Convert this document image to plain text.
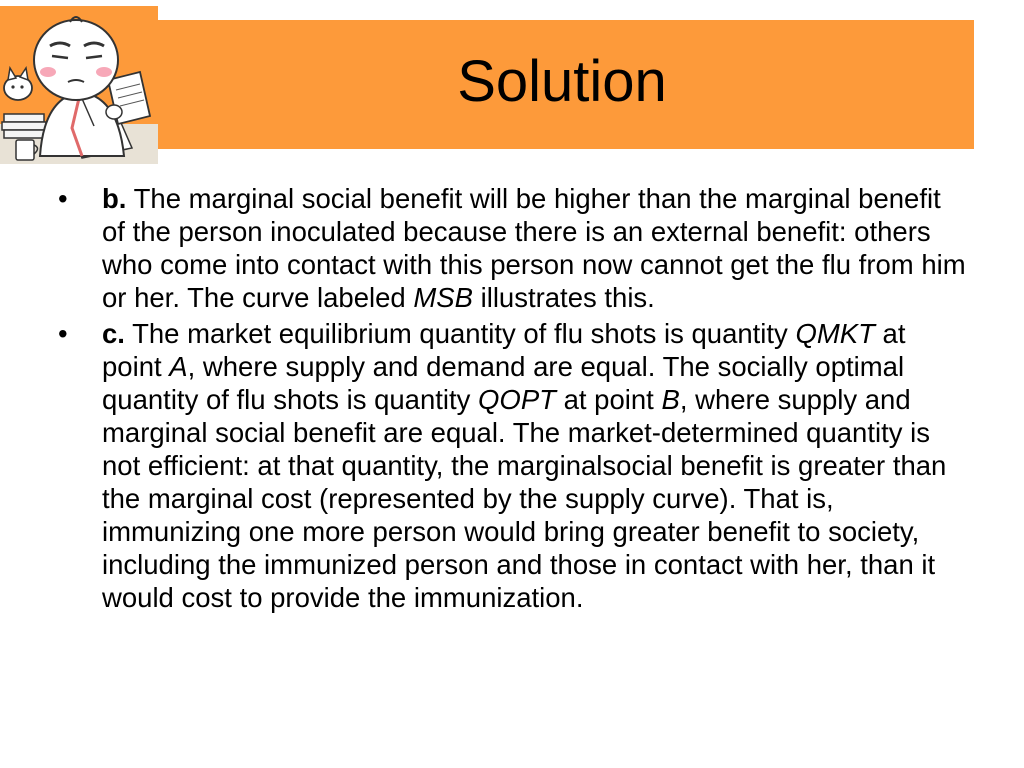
Solution
•	b. The marginal social benefit will be higher than the marginal benefit of the person inoculated because there is an external benefit: others who come into contact with this person now cannot get the flu from him or her. The curve labeled MSB illustrates this.
•	c. The market equilibrium quantity of flu shots is quantity QMKT at point A, where supply and demand are equal. The socially optimal quantity of flu shots is quantity QOPT at point B, where supply and marginal social benefit are equal. The market-determined quantity is not efficient: at that quantity, the marginalsocial benefit is greater than the marginal cost (represented by the supply curve). That is, immunizing one more person would bring greater benefit to society, including the immunized person and those in contact with her, than it would cost to provide the immunization.
